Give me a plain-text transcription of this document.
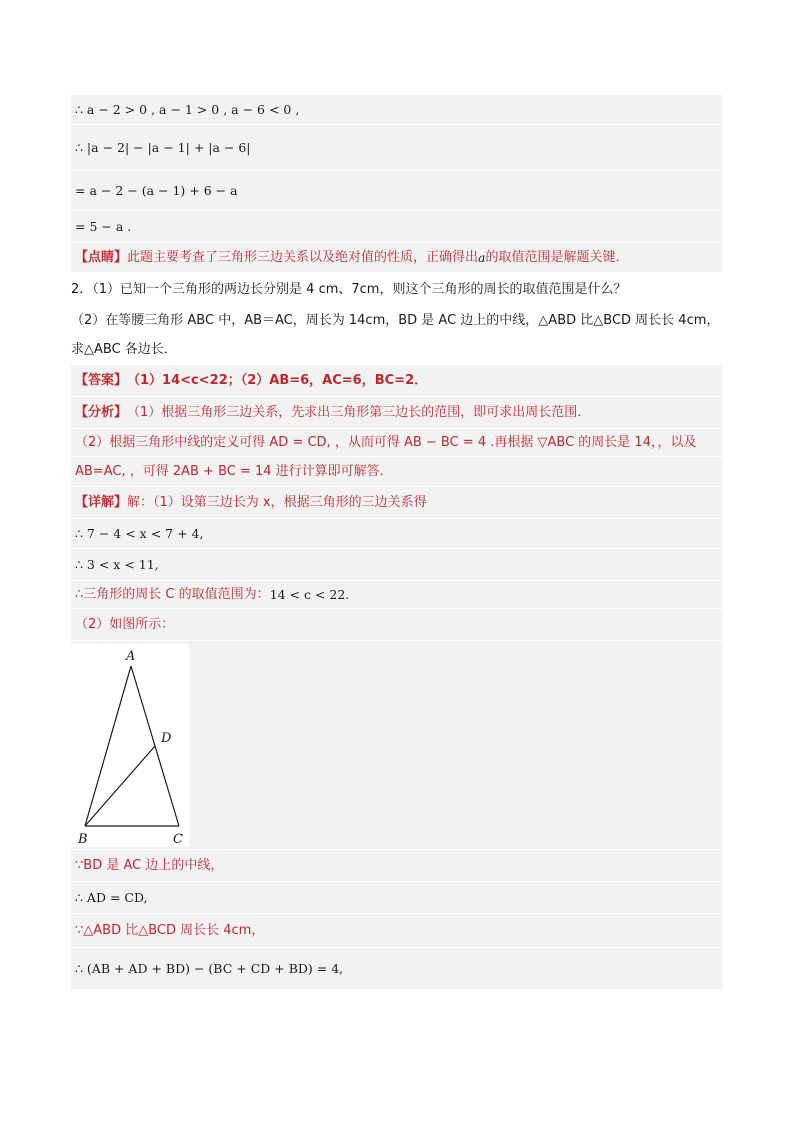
∴ a − 2 > 0 , a − 1 > 0 , a − 6 < 0 ,
∴ |a − 2| − |a − 1| + |a − 6|
= a − 2 − (a − 1) + 6 − a
= 5 − a .
【点睛】 此题主要考查了三角形三边关系以及绝对值的性质，正确得出 a 的取值范围是解题关键．
2．（1）已知一个三角形的两边长分别是 4 cm、7cm，则这个三角形的周长的取值范围是什么？
（2）在等腰三角形 ABC 中，AB＝AC，周长为 14cm，BD 是 AC 边上的中线，△ABD 比△BCD 周长长 4cm，
求△ABC 各边长．
【答案】 （1）14<c<22；（2）AB=6，AC=6，BC=2．
【分析】 （1）根据三角形三边关系，先求出三角形第三边长的范围，即可求出周长范围．
（2）根据三角形中线的定义可得 AD = CD, ，从而可得 AB − BC = 4 .再根据 ▽ABC 的周长是 14，，以及
AB=AC, ，可得 2AB + BC = 14 进行计算即可解答．
【详解】 解：（1）设第三边长为 x，根据三角形的三边关系得
∴ 7 − 4 < x < 7 + 4,
∴ 3 < x < 11,
∴三角形的周长 C 的取值范围为： 14 < c < 22.
（2）如图所示：
A
D
B	C
∵BD 是 AC 边上的中线，
∴ AD = CD,
∵△ABD 比△BCD 周长长 4cm，
∴ (AB + AD + BD) − (BC + CD + BD) = 4,
